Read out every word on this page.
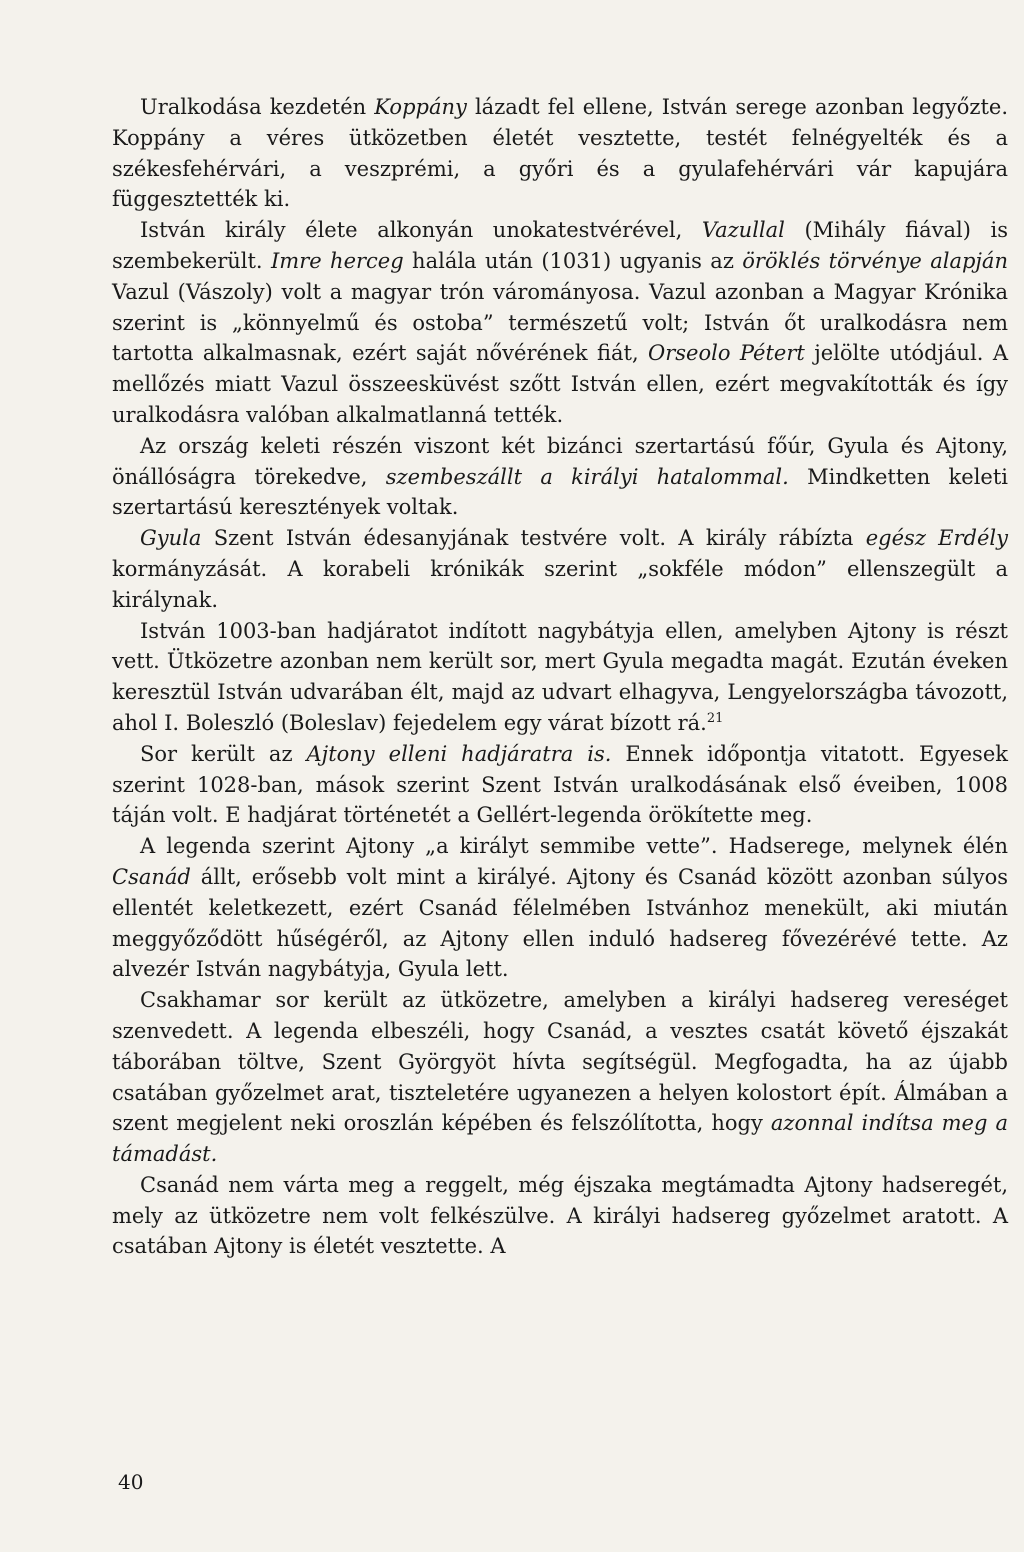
Uralkodása kezdetén Koppány lázadt fel ellene, István serege azonban legyőzte. Koppány a véres ütközetben életét vesztette, testét felnégyelték és a székesfehérvári, a veszprémi, a győri és a gyulafehérvári vár kapujára függesztették ki.

István király élete alkonyán unokatestvérével, Vazullal (Mihály fiával) is szembekerült. Imre herceg halála után (1031) ugyanis az öröklés törvénye alapján Vazul (Vászoly) volt a magyar trón várományosa. Vazul azonban a Magyar Krónika szerint is „könnyelmű és ostoba” természetű volt; István őt uralkodásra nem tartotta alkalmasnak, ezért saját nővérének fiát, Orseolo Pétert jelölte utódjául. A mellőzés miatt Vazul összeesküvést szőtt István ellen, ezért megvakították és így uralkodásra valóban alkalmatlanná tették.

Az ország keleti részén viszont két bizánci szertartású főúr, Gyula és Ajtony, önállóságra törekedve, szembeszállt a királyi hatalommal. Mindketten keleti szertartású keresztények voltak.

Gyula Szent István édesanyjának testvére volt. A király rábízta egész Erdély kormányzását. A korabeli krónikák szerint „sokféle módon” ellenszegült a királynak.

István 1003-ban hadjáratot indított nagybátyja ellen, amelyben Ajtony is részt vett. Ütközetre azonban nem került sor, mert Gyula megadta magát. Ezután éveken keresztül István udvarában élt, majd az udvart elhagyva, Lengyelországba távozott, ahol I. Boleszló (Boleslav) fejedelem egy várat bízott rá.$^{21}$

Sor került az Ajtony elleni hadjáratra is. Ennek időpontja vitatott. Egyesek szerint 1028-ban, mások szerint Szent István uralkodásának első éveiben, 1008 táján volt. E hadjárat történetét a Gellért-legenda örökítette meg.

A legenda szerint Ajtony „a királyt semmibe vette”. Hadserege, melynek élén Csanád állt, erősebb volt mint a királyé. Ajtony és Csanád között azonban súlyos ellentét keletkezett, ezért Csanád félelmében Istvánhoz menekült, aki miután meggyőződött hűségéről, az Ajtony ellen induló hadsereg fővezérévé tette. Az alvezér István nagybátyja, Gyula lett.

Csakhamar sor került az ütközetre, amelyben a királyi hadsereg vereséget szenvedett. A legenda elbeszéli, hogy Csanád, a vesztes csatát követő éjszakát táborában töltve, Szent Györgyöt hívta segítségül. Megfogadta, ha az újabb csatában győzelmet arat, tiszteletére ugyanezen a helyen kolostort épít. Álmában a szent megjelent neki oroszlán képében és felszólította, hogy azonnal indítsa meg a támadást.

Csanád nem várta meg a reggelt, még éjszaka megtámadta Ajtony hadseregét, mely az ütközetre nem volt felkészülve. A királyi hadsereg győzelmet aratott. A csatában Ajtony is életét vesztette. A

40
